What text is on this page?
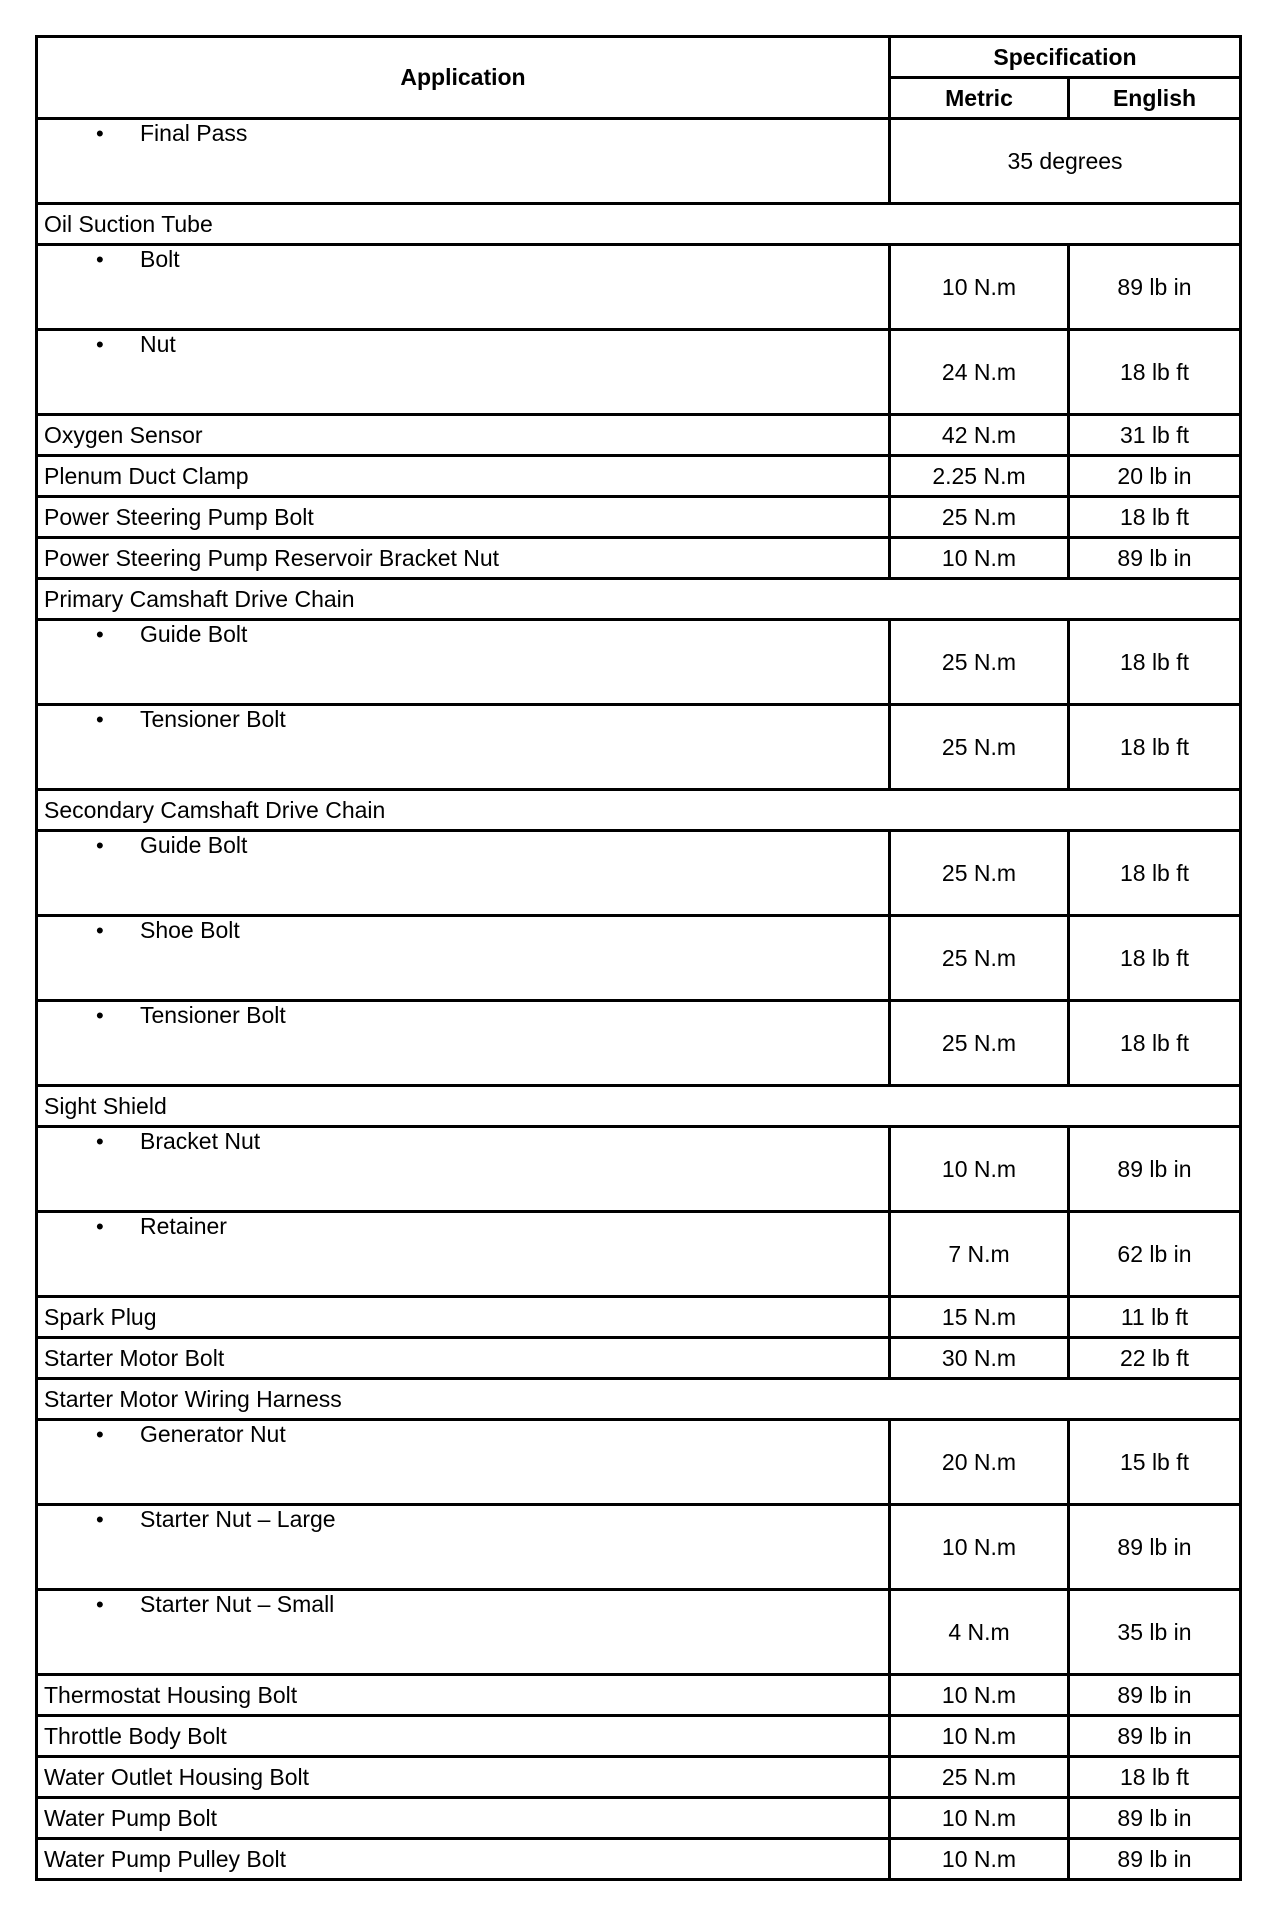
Application	Specification	
	Metric	English
•Final Pass	35 degrees	
Oil Suction Tube		
•Bolt	10 N.m	89 lb in
•Nut	24 N.m	18 lb ft
Oxygen Sensor	42 N.m	31 lb ft
Plenum Duct Clamp	2.25 N.m	20 lb in
Power Steering Pump Bolt	25 N.m	18 lb ft
Power Steering Pump Reservoir Bracket Nut	10 N.m	89 lb in
Primary Camshaft Drive Chain		
•Guide Bolt	25 N.m	18 lb ft
•Tensioner Bolt	25 N.m	18 lb ft
Secondary Camshaft Drive Chain		
•Guide Bolt	25 N.m	18 lb ft
•Shoe Bolt	25 N.m	18 lb ft
•Tensioner Bolt	25 N.m	18 lb ft
Sight Shield		
•Bracket Nut	10 N.m	89 lb in
•Retainer	7 N.m	62 lb in
Spark Plug	15 N.m	11 lb ft
Starter Motor Bolt	30 N.m	22 lb ft
Starter Motor Wiring Harness		
•Generator Nut	20 N.m	15 lb ft
•Starter Nut – Large	10 N.m	89 lb in
•Starter Nut – Small	4 N.m	35 lb in
Thermostat Housing Bolt	10 N.m	89 lb in
Throttle Body Bolt	10 N.m	89 lb in
Water Outlet Housing Bolt	25 N.m	18 lb ft
Water Pump Bolt	10 N.m	89 lb in
Water Pump Pulley Bolt	10 N.m	89 lb in
